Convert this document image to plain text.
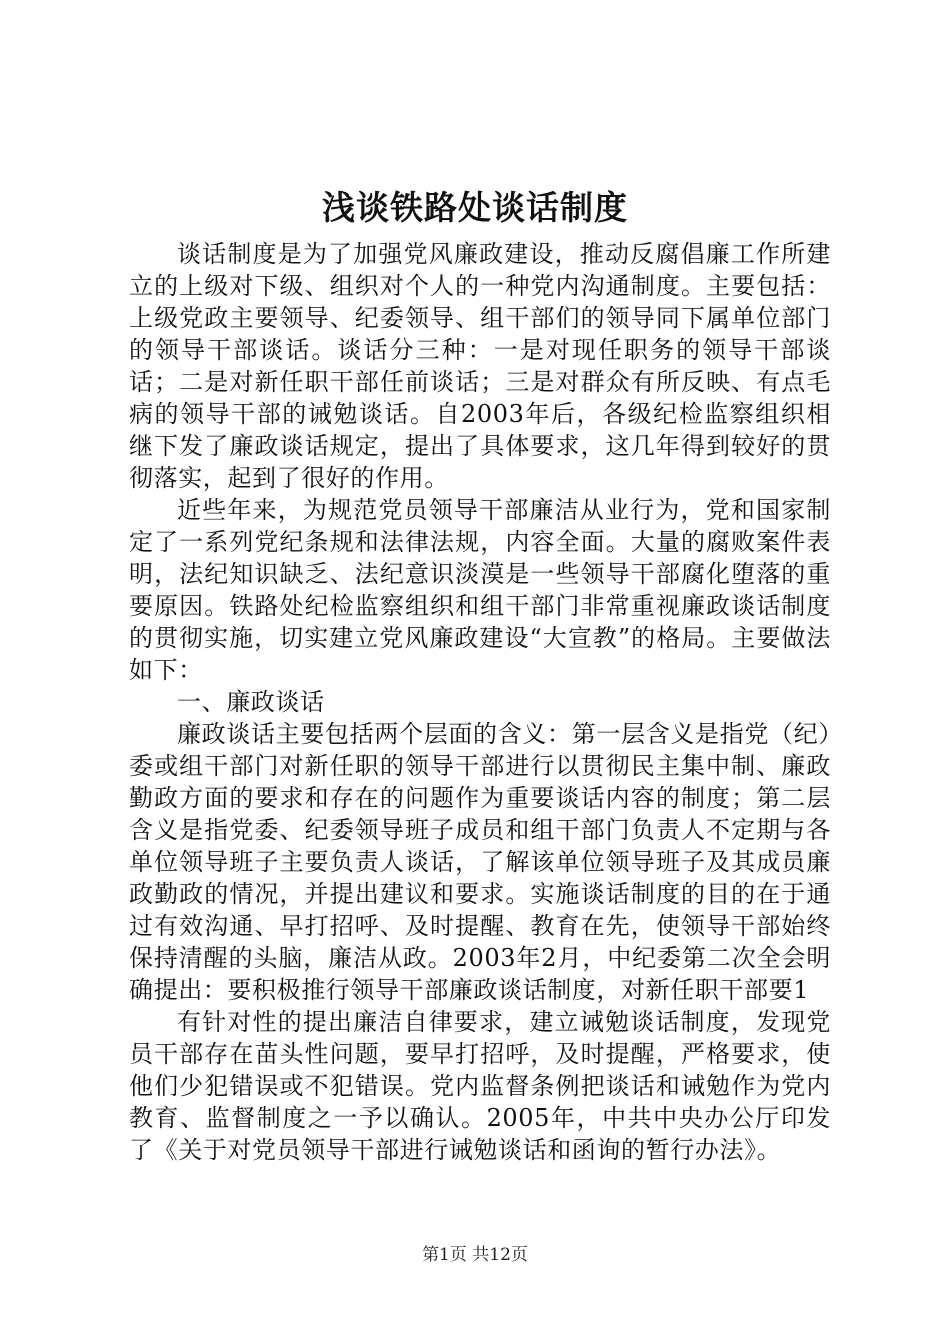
浅谈铁路处谈话制度

谈话制度是为了加强党风廉政建设，推动反腐倡廉工作所建立的上级对下级、组织对个人的一种党内沟通制度。主要包括：上级党政主要领导、纪委领导、组干部们的领导同下属单位部门的领导干部谈话。谈话分三种：一是对现任职务的领导干部谈话；二是对新任职干部任前谈话；三是对群众有所反映、有点毛病的领导干部的诫勉谈话。自2003年后，各级纪检监察组织相继下发了廉政谈话规定，提出了具体要求，这几年得到较好的贯彻落实，起到了很好的作用。

近些年来，为规范党员领导干部廉洁从业行为，党和国家制定了一系列党纪条规和法律法规，内容全面。大量的腐败案件表明，法纪知识缺乏、法纪意识淡漠是一些领导干部腐化堕落的重要原因。铁路处纪检监察组织和组干部门非常重视廉政谈话制度的贯彻实施，切实建立党风廉政建设“大宣教”的格局。主要做法如下：

一、廉政谈话

廉政谈话主要包括两个层面的含义：第一层含义是指党（纪）委或组干部门对新任职的领导干部进行以贯彻民主集中制、廉政勤政方面的要求和存在的问题作为重要谈话内容的制度；第二层含义是指党委、纪委领导班子成员和组干部门负责人不定期与各单位领导班子主要负责人谈话，了解该单位领导班子及其成员廉政勤政的情况，并提出建议和要求。实施谈话制度的目的在于通过有效沟通、早打招呼、及时提醒、教育在先，使领导干部始终保持清醒的头脑，廉洁从政。2003年2月，中纪委第二次全会明确提出：要积极推行领导干部廉政谈话制度，对新任职干部要1

有针对性的提出廉洁自律要求，建立诫勉谈话制度，发现党员干部存在苗头性问题，要早打招呼，及时提醒，严格要求，使他们少犯错误或不犯错误。党内监督条例把谈话和诫勉作为党内教育、监督制度之一予以确认。2005年，中共中央办公厅印发了《关于对党员领导干部进行诫勉谈话和函询的暂行办法》。

第1页 共12页
